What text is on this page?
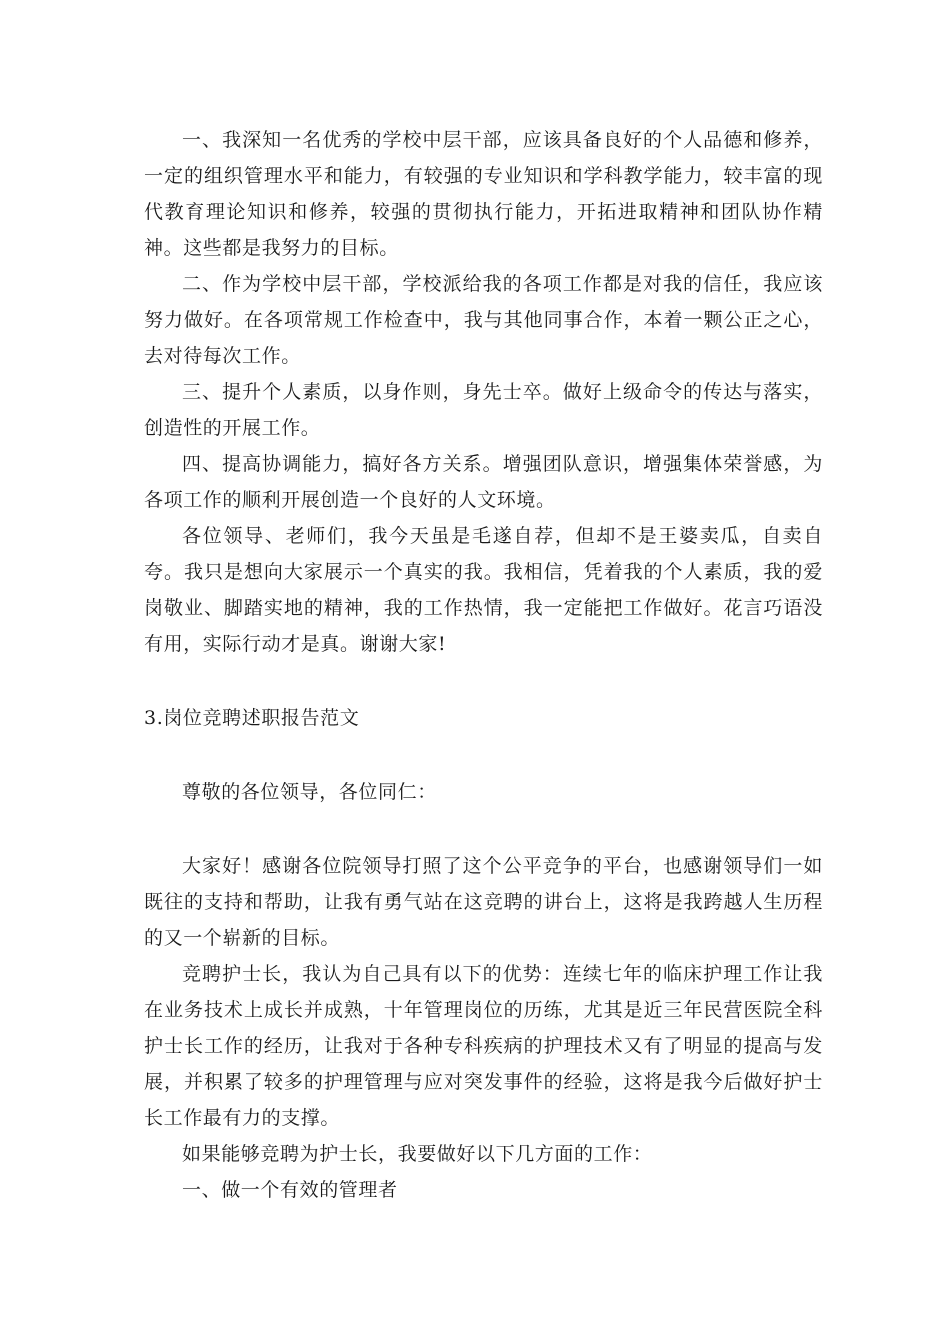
一、我深知一名优秀的学校中层干部，应该具备良好的个人品德和修养，一定的组织管理水平和能力，有较强的专业知识和学科教学能力，较丰富的现代教育理论知识和修养，较强的贯彻执行能力，开拓进取精神和团队协作精神。这些都是我努力的目标。

二、作为学校中层干部，学校派给我的各项工作都是对我的信任，我应该努力做好。在各项常规工作检查中，我与其他同事合作，本着一颗公正之心，去对待每次工作。

三、提升个人素质，以身作则，身先士卒。做好上级命令的传达与落实，创造性的开展工作。

四、提高协调能力，搞好各方关系。增强团队意识，增强集体荣誉感，为各项工作的顺利开展创造一个良好的人文环境。

各位领导、老师们，我今天虽是毛遂自荐，但却不是王婆卖瓜，自卖自夸。我只是想向大家展示一个真实的我。我相信，凭着我的个人素质，我的爱岗敬业、脚踏实地的精神，我的工作热情，我一定能把工作做好。花言巧语没有用，实际行动才是真。谢谢大家!

3.岗位竞聘述职报告范文

尊敬的各位领导，各位同仁：

大家好！感谢各位院领导打照了这个公平竞争的平台，也感谢领导们一如既往的支持和帮助，让我有勇气站在这竞聘的讲台上，这将是我跨越人生历程的又一个崭新的目标。

竞聘护士长，我认为自己具有以下的优势：连续七年的临床护理工作让我在业务技术上成长并成熟，十年管理岗位的历练，尤其是近三年民营医院全科护士长工作的经历，让我对于各种专科疾病的护理技术又有了明显的提高与发展，并积累了较多的护理管理与应对突发事件的经验，这将是我今后做好护士长工作最有力的支撑。

如果能够竞聘为护士长，我要做好以下几方面的工作：

一、做一个有效的管理者
